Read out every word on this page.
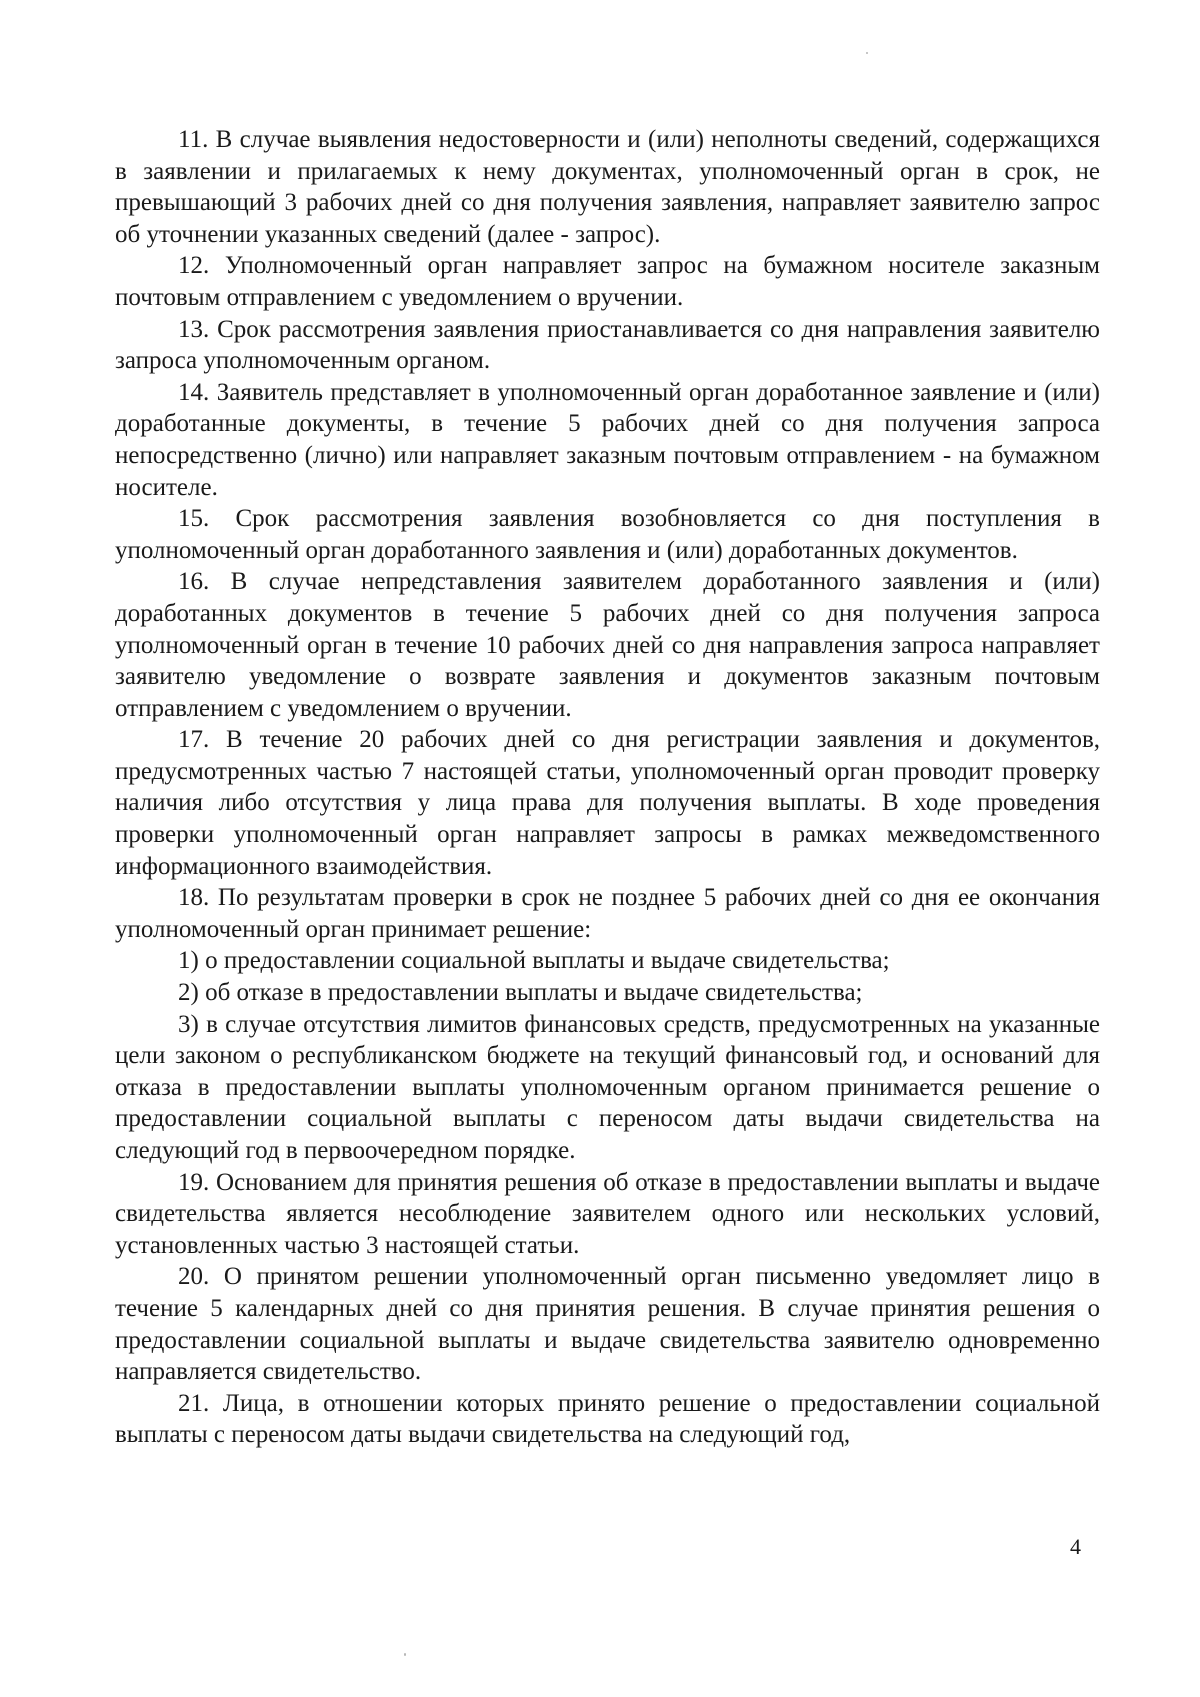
11. В случае выявления недостоверности и (или) неполноты сведений, содержащихся в заявлении и прилагаемых к нему документах, уполномоченный орган в срок, не превышающий 3 рабочих дней со дня получения заявления, направляет заявителю запрос об уточнении указанных сведений (далее - запрос).

12. Уполномоченный орган направляет запрос на бумажном носителе заказным почтовым отправлением с уведомлением о вручении.

13. Срок рассмотрения заявления приостанавливается со дня направления заявителю запроса уполномоченным органом.

14. Заявитель представляет в уполномоченный орган доработанное заявление и (или) доработанные документы, в течение 5 рабочих дней со дня получения запроса непосредственно (лично) или направляет заказным почтовым отправлением - на бумажном носителе.

15. Срок рассмотрения заявления возобновляется со дня поступления в уполномоченный орган доработанного заявления и (или) доработанных документов.

16. В случае непредставления заявителем доработанного заявления и (или) доработанных документов в течение 5 рабочих дней со дня получения запроса уполномоченный орган в течение 10 рабочих дней со дня направления запроса направляет заявителю уведомление о возврате заявления и документов заказным почтовым отправлением с уведомлением о вручении.

17. В течение 20 рабочих дней со дня регистрации заявления и документов, предусмотренных частью 7 настоящей статьи, уполномоченный орган проводит проверку наличия либо отсутствия у лица права для получения выплаты. В ходе проведения проверки уполномоченный орган направляет запросы в рамках межведомственного информационного взаимодействия.

18. По результатам проверки в срок не позднее 5 рабочих дней со дня ее окончания уполномоченный орган принимает решение:

1) о предоставлении социальной выплаты и выдаче свидетельства;

2) об отказе в предоставлении выплаты и выдаче свидетельства;

3) в случае отсутствия лимитов финансовых средств, предусмотренных на указанные цели законом о республиканском бюджете на текущий финансовый год, и оснований для отказа в предоставлении выплаты уполномоченным органом принимается решение о предоставлении социальной выплаты с переносом даты выдачи свидетельства на следующий год в первоочередном порядке.

19. Основанием для принятия решения об отказе в предоставлении выплаты и выдаче свидетельства является несоблюдение заявителем одного или нескольких условий, установленных частью 3 настоящей статьи.

20. О принятом решении уполномоченный орган письменно уведомляет лицо в течение 5 календарных дней со дня принятия решения. В случае принятия решения о предоставлении социальной выплаты и выдаче свидетельства заявителю одновременно направляется свидетельство.

21. Лица, в отношении которых принято решение о предоставлении социальной выплаты с переносом даты выдачи свидетельства на следующий год,

4
